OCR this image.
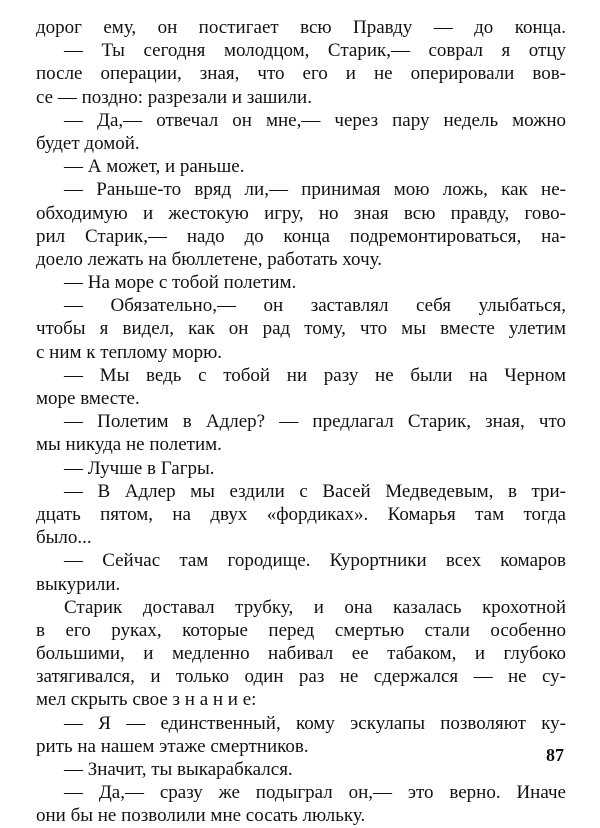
дорог ему, он постигает всю Правду — до конца.
— Ты сегодня молодцом, Старик,— соврал я отцу
после операции, зная, что его и не оперировали вов-
се — поздно: разрезали и зашили.
— Да,— отвечал он мне,— через пару недель можно
будет домой.
— А может, и раньше.
— Раньше-то вряд ли,— принимая мою ложь, как не-
обходимую и жестокую игру, но зная всю правду, гово-
рил Старик,— надо до конца подремонтироваться, на-
доело лежать на бюллетене, работать хочу.
— На море с тобой полетим.
— Обязательно,— он заставлял себя улыбаться,
чтобы я видел, как он рад тому, что мы вместе улетим
с ним к теплому морю.
— Мы ведь с тобой ни разу не были на Черном
море вместе.
— Полетим в Адлер? — предлагал Старик, зная, что
мы никуда не полетим.
— Лучше в Гагры.
— В Адлер мы ездили с Васей Медведевым, в три-
дцать пятом, на двух «фордиках». Комарья там тогда
было...
— Сейчас там городище. Курортники всех комаров
выкурили.
Старик доставал трубку, и она казалась крохотной
в его руках, которые перед смертью стали особенно
большими, и медленно набивал ее табаком, и глубоко
затягивался, и только один раз не сдержался — не су-
мел скрыть свое з н а н и е:
— Я — единственный, кому эскулапы позволяют ку-
рить на нашем этаже смертников.
— Значит, ты выкарабкался.
— Да,— сразу же подыграл он,— это верно. Иначе
они бы не позволили мне сосать люльку.
87
